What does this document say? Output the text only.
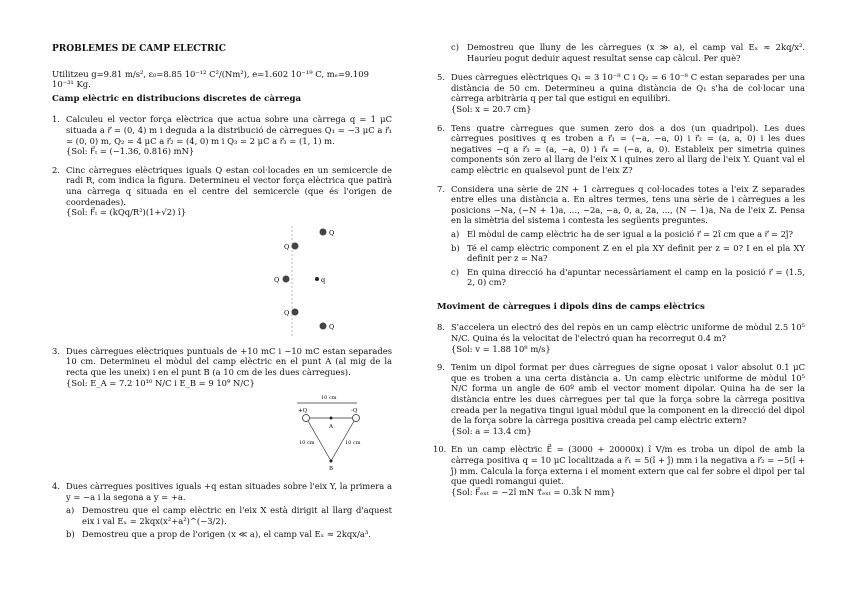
PROBLEMES DE CAMP ELECTRIC
Utilitzeu g=9.81 m/s², ε₀=8.85 10⁻¹² C²/(Nm²), e=1.602 10⁻¹⁹ C, mₑ=9.109 10⁻³¹ Kg.
Camp elèctric en distribucions discretes de càrrega
1. Calculeu el vector força elèctrica que actua sobre una càrrega q = 1 μC situada a r⃗ = (0, 4) m i deguda a la distribució de càrregues Q₁ = −3 μC a r⃗₁ = (0, 0) m, Q₂ = 4 μC a r⃗₂ = (4, 0) m i Q₃ = 2 μC a r⃗₃ = (1, 1) m.
{Sol: F⃗ₜ = (−1.36, 0.816) mN}
2. Cinc càrregues elèctriques iguals Q estan col·locades en un semicercle de radi R, com indica la figura. Determineu el vector força elèctrica que patirà una càrrega q situada en el centre del semicercle (que és l'origen de coordenades).
{Sol: F⃗ₜ = (kQq/R²)(1+√2) î}
Q
Q
q
Q
Q
Q
3. Dues càrregues elèctriques puntuals de +10 mC i −10 mC estan separades 10 cm. Determineu el mòdul del camp elèctric en el punt A (al mig de la recta que les uneix) i en el punt B (a 10 cm de les dues càrregues).
{Sol: E_A = 7.2 10¹⁰ N/C i E_B = 9 10⁹ N/C}
10 cm
+Q	-Q
A
10 cm	10 cm
B
4. Dues càrregues positives iguals +q estan situades sobre l'eix Y, la primera a y = −a i la segona a y = +a.
a) Demostreu que el camp elèctric en l'eix X està dirigit al llarg d'aquest eix i val Eₓ = 2kqx(x²+a²)^(−3/2).
b) Demostreu que a prop de l'origen (x ≪ a), el camp val Eₓ ≈ 2kqx/a³.
c) Demostreu que lluny de les càrregues (x ≫ a), el camp val Eₓ ≈ 2kq/x². Hauríeu pogut deduir aquest resultat sense cap càlcul. Per què?
5. Dues càrregues elèctriques Q₁ = 3 10⁻⁸ C i Q₂ = 6 10⁻⁸ C estan separades per una distància de 50 cm. Determineu a quina distància de Q₁ s'ha de col·locar una càrrega arbitrària q per tal que estigui en equilibri.
{Sol: x = 20.7 cm}
6. Tens quatre càrregues que sumen zero dos a dos (un quadripol). Les dues càrregues positives q es troben a r⃗₁ = (−a, −a, 0) i r⃗₂ = (a, a, 0) i les dues negatives −q a r⃗₃ = (a, −a, 0) i r⃗₄ = (−a, a, 0). Estableix per simetria quines components són zero al llarg de l'eix X i quines zero al llarg de l'eix Y. Quant val el camp elèctric en qualsevol punt de l'eix Z?
7. Considera una sèrie de 2N + 1 càrregues q col·locades totes a l'eix Z separades entre elles una distància a. En altres termes, tens una sèrie de i càrregues a les posicions −Na, (−N + 1)a, ..., −2a, −a, 0, a, 2a, ..., (N − 1)a, Na de l'eix Z. Pensa en la simètria del sistema i contesta les següents preguntes.
a) El mòdul de camp elèctric ha de ser igual a la posició r⃗ = 2î cm que a r⃗ = 2ĵ?
b) Té el camp elèctric component Z en el pla XY definit per z = 0? I en el pla XY definit per z = Na?
c) En quina direcció ha d'apuntar necessàriament el camp en la posició r⃗ = (1.5, 2, 0) cm?
Moviment de càrregues i dipols dins de camps elèctrics
8. S'accelera un electró des del repòs en un camp elèctric uniforme de mòdul 2.5 10⁵ N/C. Quina és la velocitat de l'electró quan ha recorregut 0.4 m?
{Sol: v = 1.88 10⁸ m/s}
9. Tenim un dipol format per dues càrregues de signe oposat i valor absolut 0.1 μC que es troben a una certa distància a. Un camp elèctric uniforme de mòdul 10⁵ N/C forma un angle de 60º amb el vector moment dipolar. Quina ha de ser la distància entre les dues càrregues per tal que la força sobre la càrrega positiva creada per la negativa tingui igual mòdul que la component en la direcció del dipol de la força sobre la càrrega positiva creada pel camp elèctric extern?
{Sol: a = 13.4 cm}
10. En un camp elèctric E⃗ = (3000 + 20000x) î V/m es troba un dipol de amb la càrrega positiva q = 10 μC localitzada a r⃗₁ = 5(î + ĵ) mm i la negativa a r⃗₂ = −5(î + ĵ) mm. Calcula la força externa i el moment extern que cal fer sobre el dipol per tal que quedi romangui quiet.
{Sol: F⃗ₑₓₜ = −2î mN τ⃗ₑₓₜ = 0.3k̂ N mm}
